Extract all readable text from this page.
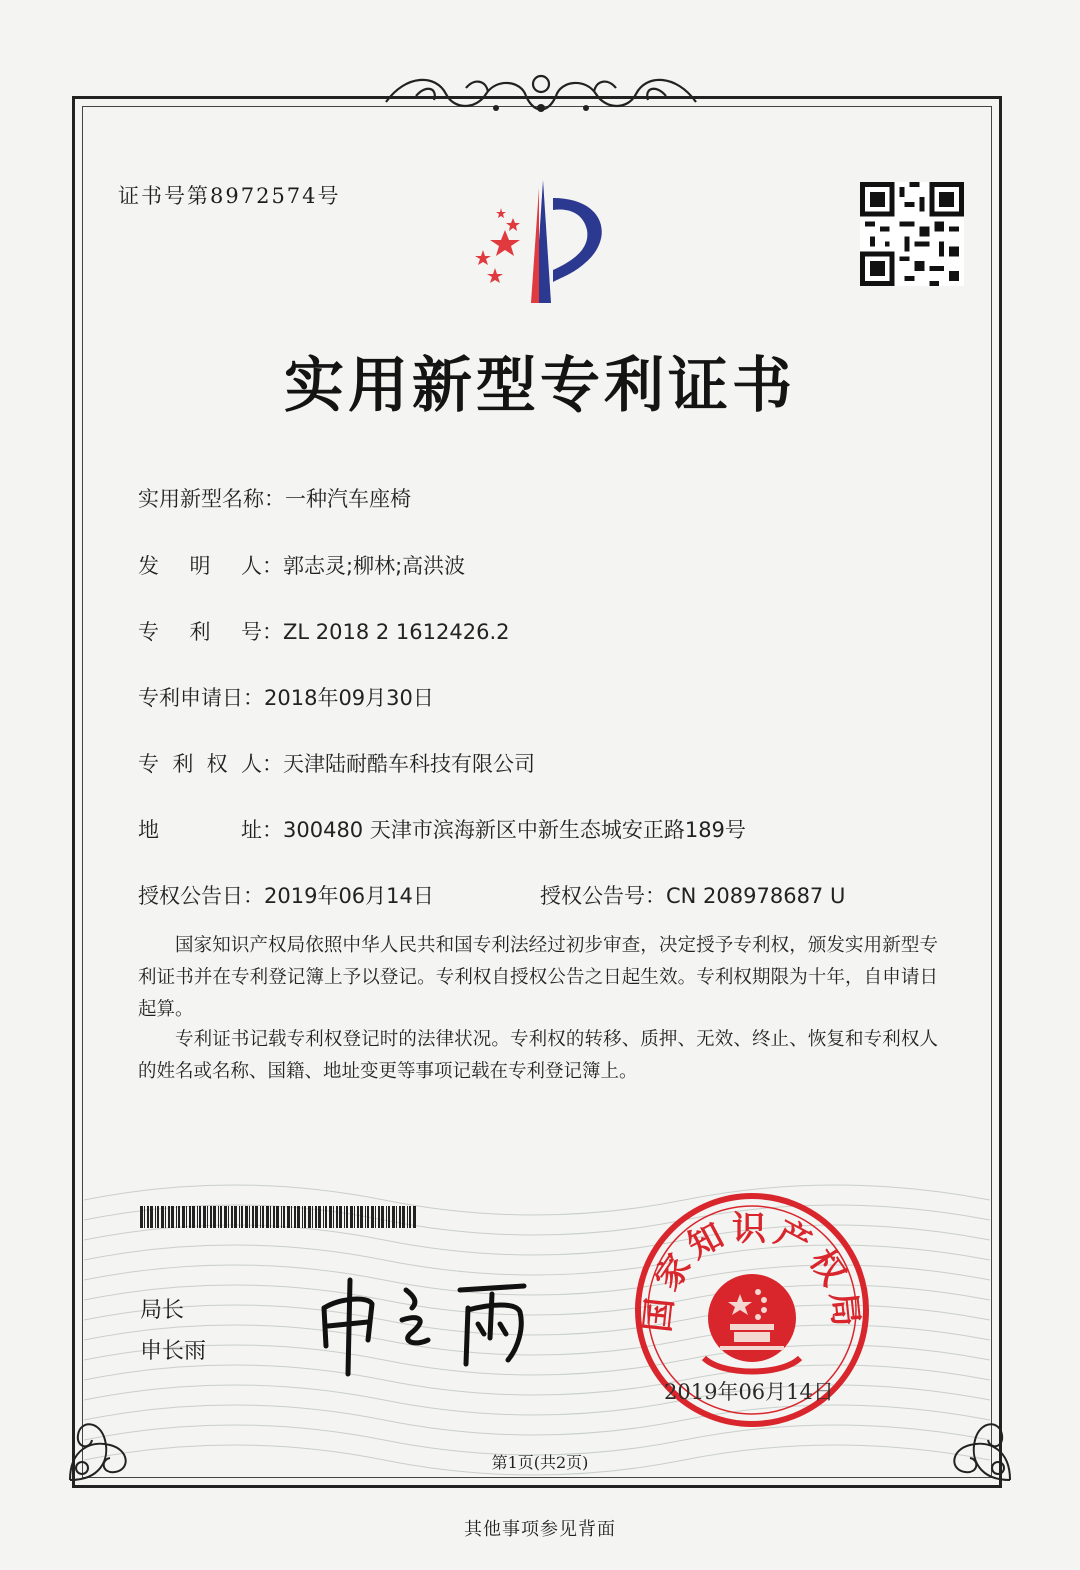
证书号第8972574号
实用新型专利证书
实用新型名称：一种汽车座椅
发 明 人 ：郭志灵;柳林;高洪波
专 利 号 ：ZL 2018 2 1612426.2
专利申请日：2018年09月30日
专 利 权 人 ：天津陆耐酷车科技有限公司
地	址 ：300480 天津市滨海新区中新生态城安正路189号
授权公告日：2019年06月14日	授权公告号：CN 208978687 U

国家知识产权局依照中华人民共和国专利法经过初步审查，决定授予专利权，颁发实用新型专利证书并在专利登记簿上予以登记。专利权自授权公告之日起生效。专利权期限为十年，自申请日起算。

专利证书记载专利权登记时的法律状况。专利权的转移、质押、无效、终止、恢复和专利权人的姓名或名称、国籍、地址变更等事项记载在专利登记簿上。

局长
申长雨
国家知识产权局
2019年06月14日
第1页(共2页)
其他事项参见背面
